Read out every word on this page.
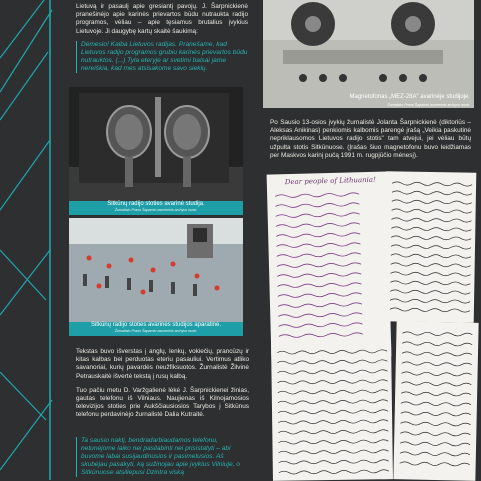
Lietuvą ir pasaulį apie gresiantį pavojų. J. Šarpnickienė pranešinėjo apie karinės prievartos būdu nutraukta radijo programos, vėliau – apie tęsiamus brutalius įvykius Lietuvoje. Ji daugybę kartų skaitė šaukimą:

Dėmesio! Kalba Lietuvos radijas. Pranešame, kad Lietuvos radijo programos grubiu karinės prievartos būdu nutrauktos. (...) Tyla eteryje ar svetimi balsai jame nereiškia, kad mes atsisakome savo siekių.

Sitkūnų radijo stoties avarinė studija.
Žurnalisto Prano Šaparnio asmeninis archyvo nuotr.
Sitkūnų radijo stoties avarinės studijos aparatinė.
Žurnalisto Prano Šaparnio asmeninis archyvo nuotr.

Tekstas buvo išverstas į anglų, lenkų, vokiečių, prancūzų ir kitas kalbas bei perduotas eteriu pasauliui. Vertimus atliko savanoriai, kurių pavardės neužfiksuotos. Žurnalistė Žilvinė Petrauskaitė išvertė tekstą į rusų kalbą.

Tuo pačiu metu D. Varžgalienė lėkė J. Šarpnickienei žinias, gautas telefonu iš Vilniaus. Naujienas iš Kilnojamosios televizijos stoties prie Aukščiausiosios Tarybos į Sitkūnus telefonu perdavinėjo žurnalistė Dalia Kutraitė.

Ta sausio naktį, bendradarbiaudamos telefonu, netunėjome laiko nei pasilabinti nei prisistatyti – abi buvome labai susijaudinusios ir pasimetusios. Aš skubėjau pasakyti, ką sužinojau apie įvykius Vilniuje, o Sitkūnuose atsiliepusi Dzintra viską

Magnetofonas „MEZ-28A" avarinėje studijoje.
Žurnalisto Prano Šaparnio asmeninis archyvo nuotr.

Po Sausio 13-osios įvykių žurnalistė Jolanta Šarpnickienė (diktoriūs – Aleksas Anikinas) penkiomis kalbomis parengė įrašą „Veikia paskutinė nepriklausomos Lietuvos radijo stotis" tam atvejui, jei vėliau būtų užpulta stotis Sitkūnuose. (Įrašas šiuo magnetofonu buvo leidžiamas per Maskvos karinį pučą 1991 m. rugpjūčio mėnesį).

Dear people of Lithuania!
